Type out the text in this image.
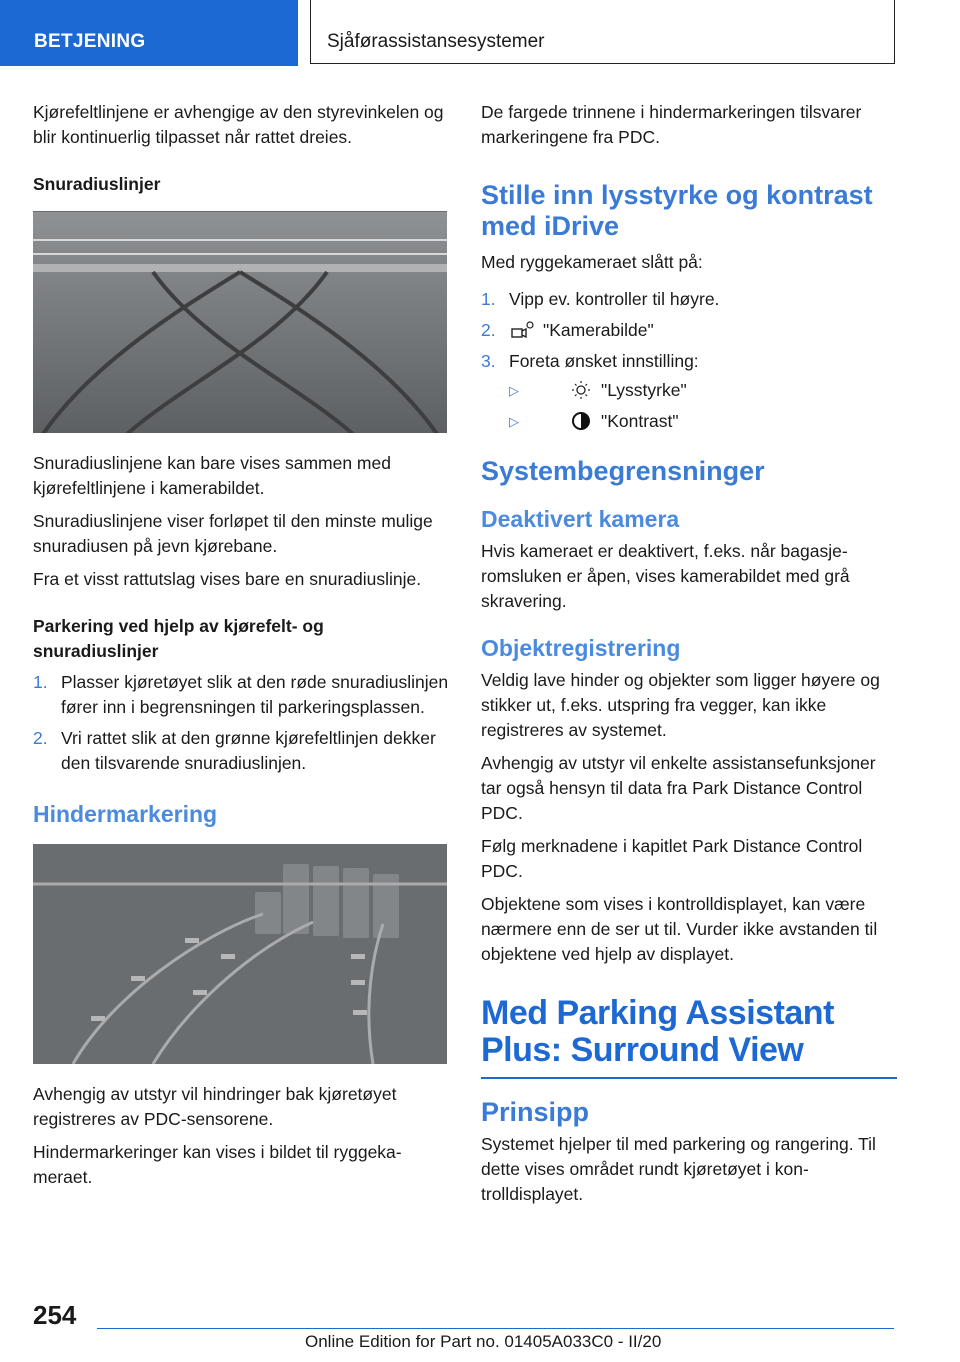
BETJENING	Sjåførassistansesystemer

Kjørefeltlinjene er avhengige av den styrevinkelen og blir kontinuerlig tilpasset når rattet dreies.

Snuradiuslinjer

Snuradiuslinjene kan bare vises sammen med kjørefeltlinjene i kamerabildet.

Snuradiuslinjene viser forløpet til den minste mulige snuradiusen på jevn kjørebane.

Fra et visst rattutslag vises bare en snuradiuslinje.

Parkering ved hjelp av kjørefelt- og snuradiuslinjer
1. Plasser kjøretøyet slik at den røde snuradiuslinjen fører inn i begrensningen til parkeringsplassen.
2. Vri rattet slik at den grønne kjørefeltlinjen dekker den tilsvarende snuradiuslinjen.
Hindermarkering

Avhengig av utstyr vil hindringer bak kjøretøyet registreres av PDC-sensorene.

Hindermarkeringer kan vises i bildet til ryggekameraet.

De fargede trinnene i hindermarkeringen tilsvarer markeringene fra PDC.

Stille inn lysstyrke og kontrast med iDrive

Med ryggekameraet slått på:

1. Vipp ev. kontroller til høyre.
2.	"Kamerabilde"
3. Foreta ønsket innstilling:
▷	"Lysstyrke"
▷	"Kontrast"
Systembegrensninger
Deaktivert kamera

Hvis kameraet er deaktivert, f.eks. når bagasjeromsluken er åpen, vises kamerabildet med grå skravering.

Objektregistrering

Veldig lave hinder og objekter som ligger høyere og stikker ut, f.eks. utspring fra vegger, kan ikke registreres av systemet.

Avhengig av utstyr vil enkelte assistansefunksjoner tar også hensyn til data fra Park Distance Control PDC.

Følg merknadene i kapitlet Park Distance Control PDC.

Objektene som vises i kontrolldisplayet, kan være nærmere enn de ser ut til. Vurder ikke avstanden til objektene ved hjelp av displayet.

Med Parking Assistant Plus: Surround View
Prinsipp

Systemet hjelper til med parkering og rangering. Til dette vises området rundt kjøretøyet i kontrolldisplayet.

254
Online Edition for Part no. 01405A033C0 - II/20
